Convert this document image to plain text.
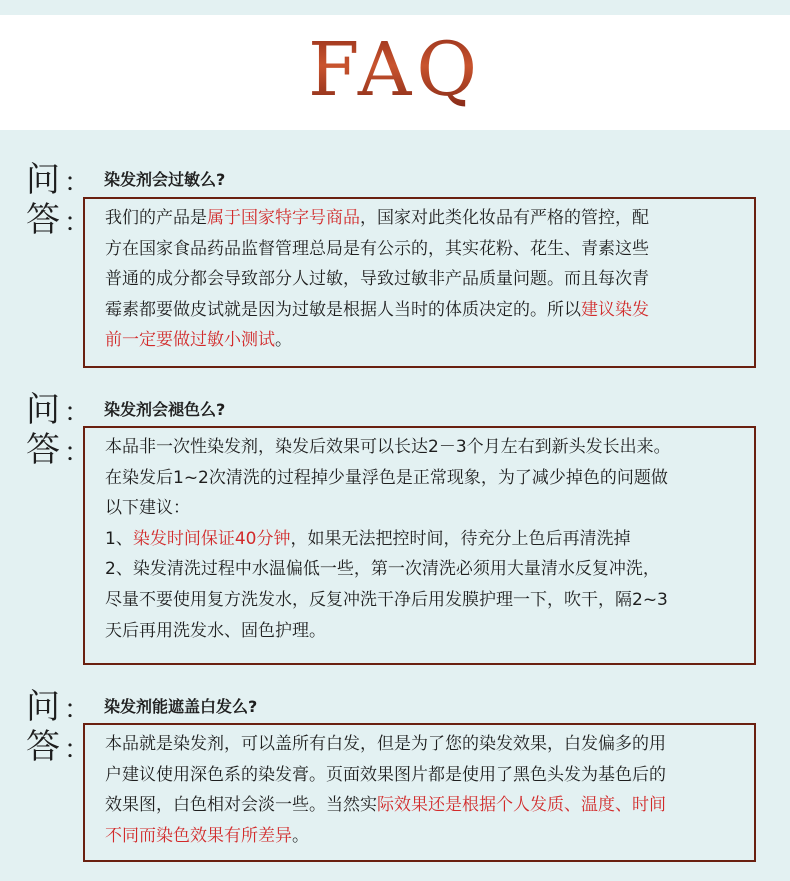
FAQ
问 ：
答 ：
染发剂会过敏么?
我们的产品是属于国家特字号商品，国家对此类化妆品有严格的管控，配
方在国家食品药品监督管理总局是有公示的，其实花粉、花生、青素这些
普通的成分都会导致部分人过敏，导致过敏非产品质量问题。而且每次青
霉素都要做皮试就是因为过敏是根据人当时的体质决定的。所以建议染发
前一定要做过敏小测试。
问 ：
答 ：
染发剂会褪色么?
本品非一次性染发剂，染发后效果可以长达2－3个月左右到新头发长出来。
在染发后1~2次清洗的过程掉少量浮色是正常现象，为了减少掉色的问题做
以下建议：
1、染发时间保证40分钟，如果无法把控时间，待充分上色后再清洗掉
2、染发清洗过程中水温偏低一些，第一次清洗必须用大量清水反复冲洗，
尽量不要使用复方洗发水，反复冲洗干净后用发膜护理一下，吹干，隔2~3
天后再用洗发水、固色护理。
问 ：
答 ：
染发剂能遮盖白发么?
本品就是染发剂，可以盖所有白发，但是为了您的染发效果，白发偏多的用
户建议使用深色系的染发膏。页面效果图片都是使用了黑色头发为基色后的
效果图，白色相对会淡一些。当然实际效果还是根据个人发质、温度、时间
不同而染色效果有所差异。
